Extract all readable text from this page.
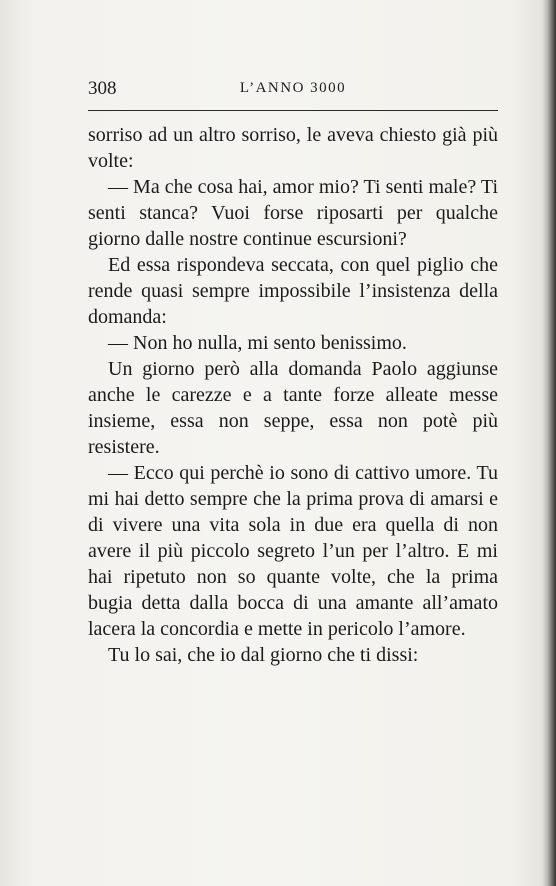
308	L’ANNO 3000

sorriso ad un altro sorriso, le aveva chiesto già più volte:

— Ma che cosa hai, amor mio? Ti senti male? Ti senti stanca? Vuoi forse riposarti per qualche giorno dalle nostre continue escursioni?

Ed essa rispondeva seccata, con quel piglio che rende quasi sempre impossibile l’insistenza della domanda:

— Non ho nulla, mi sento benissimo.

Un giorno però alla domanda Paolo aggiunse anche le carezze e a tante forze alleate messe insieme, essa non seppe, essa non potè più resistere.

— Ecco qui perchè io sono di cattivo umore. Tu mi hai detto sempre che la prima prova di amarsi e di vivere una vita sola in due era quella di non avere il più piccolo segreto l’un per l’altro. E mi hai ripetuto non so quante volte, che la prima bugia detta dalla bocca di una amante all’amato lacera la concordia e mette in pericolo l’amore.

Tu lo sai, che io dal giorno che ti dissi:
